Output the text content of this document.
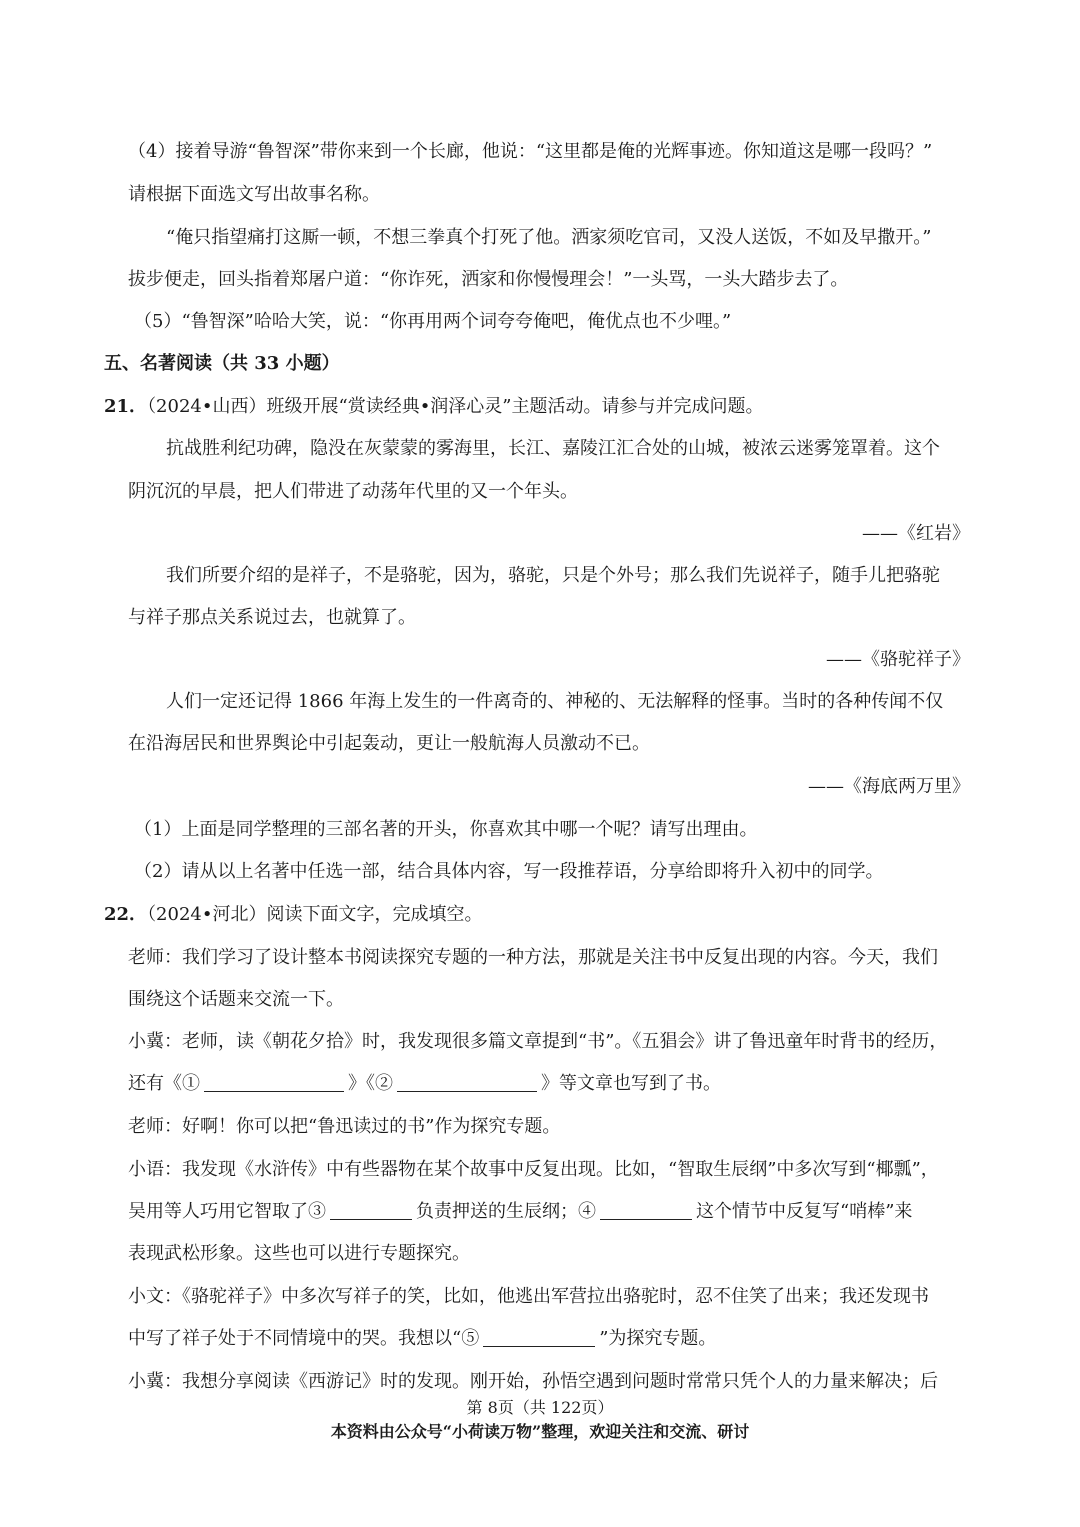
（4）接着导游“鲁智深”带你来到一个长廊，他说：“这里都是俺的光辉事迹。你知道这是哪一段吗？”
请根据下面选文写出故事名称。
“俺只指望痛打这厮一顿，不想三拳真个打死了他。洒家须吃官司，又没人送饭，不如及早撒开。”
拔步便走，回头指着郑屠户道：“你诈死，洒家和你慢慢理会！”一头骂，一头大踏步去了。
（5）“鲁智深”哈哈大笑，说：“你再用两个词夸夸俺吧，俺优点也不少哩。”
五、名著阅读（共 33 小题）
21．（2024•山西）班级开展“赏读经典•润泽心灵”主题活动。请参与并完成问题。
抗战胜利纪功碑，隐没在灰蒙蒙的雾海里，长江、嘉陵江汇合处的山城，被浓云迷雾笼罩着。这个
阴沉沉的早晨，把人们带进了动荡年代里的又一个年头。
——《红岩》
我们所要介绍的是祥子，不是骆驼，因为，骆驼，只是个外号；那么我们先说祥子，随手儿把骆驼
与祥子那点关系说过去，也就算了。
——《骆驼祥子》
人们一定还记得 1866 年海上发生的一件离奇的、神秘的、无法解释的怪事。当时的各种传闻不仅
在沿海居民和世界舆论中引起轰动，更让一般航海人员激动不已。
——《海底两万里》
（1）上面是同学整理的三部名著的开头，你喜欢其中哪一个呢？请写出理由。
（2）请从以上名著中任选一部，结合具体内容，写一段推荐语，分享给即将升入初中的同学。
22．（2024•河北）阅读下面文字，完成填空。
老师：我们学习了设计整本书阅读探究专题的一种方法，那就是关注书中反复出现的内容。今天，我们
围绕这个话题来交流一下。
小冀：老师，读《朝花夕拾》时，我发现很多篇文章提到“书”。《五猖会》讲了鲁迅童年时背书的经历，
还有《①	》《②	》等文章也写到了书。
老师：好啊！你可以把“鲁迅读过的书”作为探究专题。
小语：我发现《水浒传》中有些器物在某个故事中反复出现。比如，“智取生辰纲”中多次写到“椰瓢”，
吴用等人巧用它智取了③	负责押送的生辰纲；④	这个情节中反复写“哨棒”来
表现武松形象。这些也可以进行专题探究。
小文：《骆驼祥子》中多次写祥子的笑，比如，他逃出军营拉出骆驼时，忍不住笑了出来；我还发现书
中写了祥子处于不同情境中的哭。我想以“⑤	”为探究专题。
小冀：我想分享阅读《西游记》时的发现。刚开始，孙悟空遇到问题时常常只凭个人的力量来解决；后
第 8页（共 122页）
本资料由公众号“小荷读万物”整理，欢迎关注和交流、研讨
